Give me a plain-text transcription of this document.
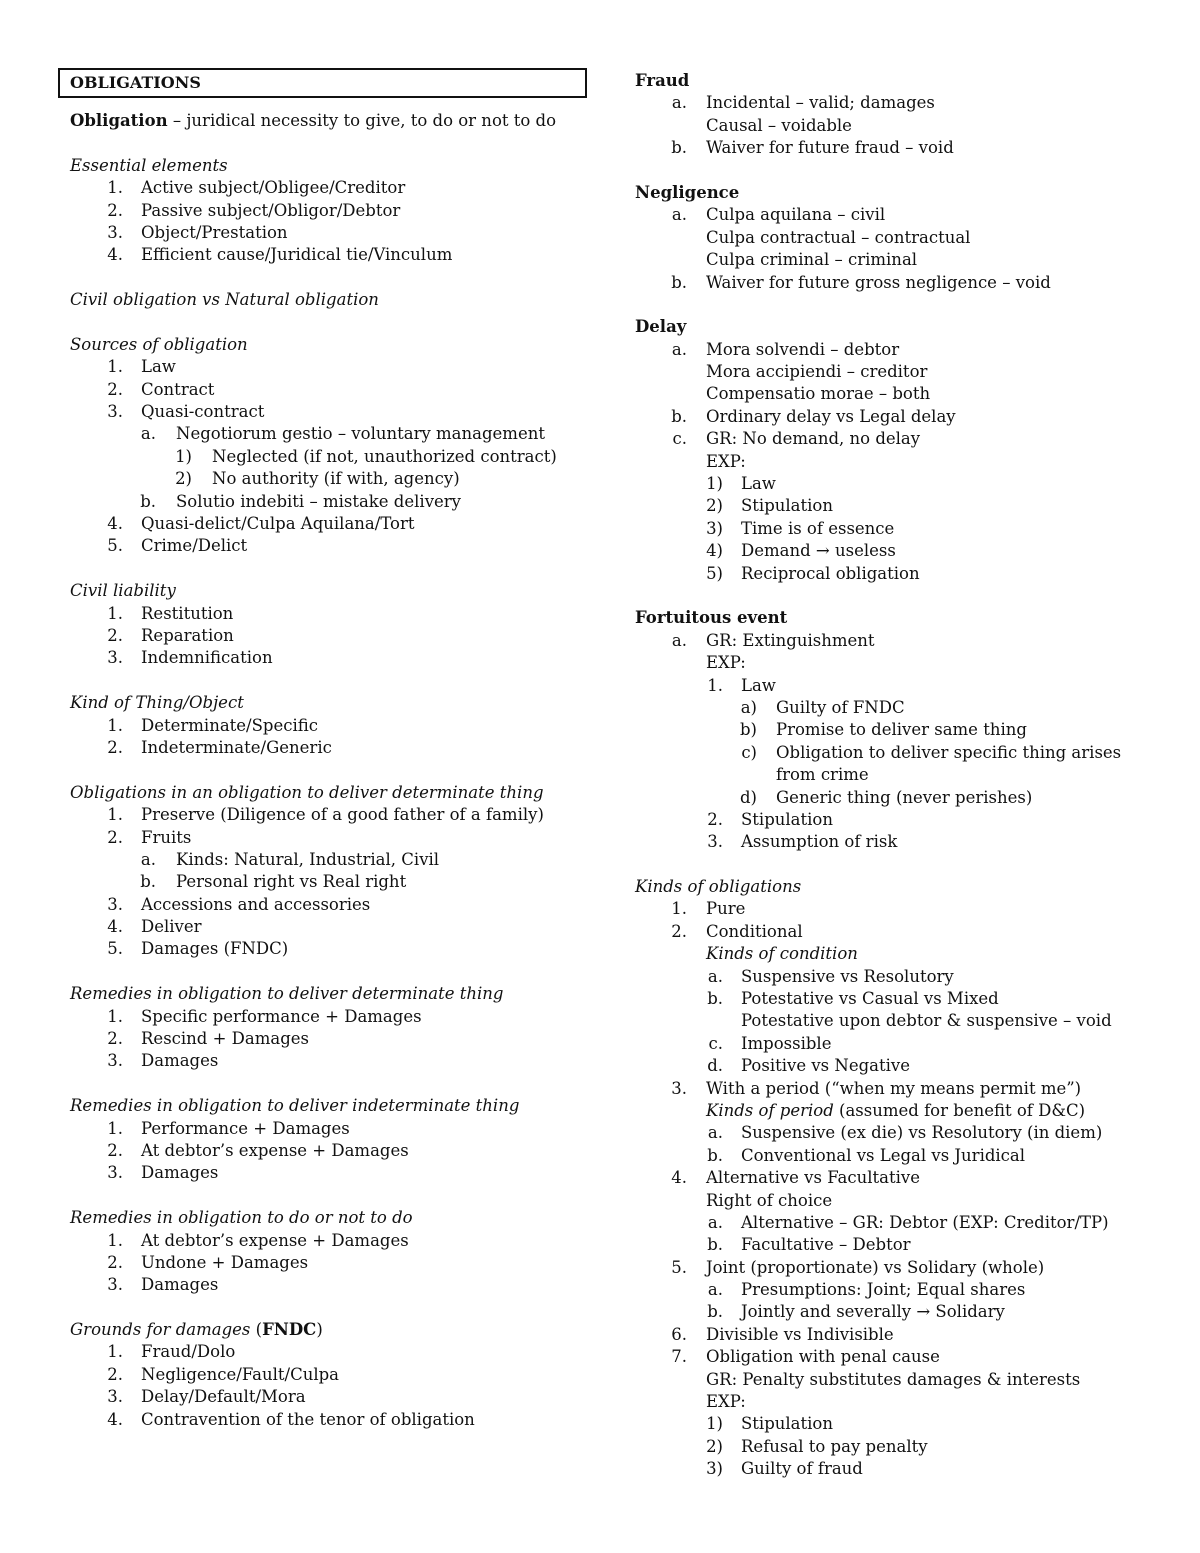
OBLIGATIONS
Obligation – juridical necessity to give, to do or not to do
Essential elements
1. Active subject/Obligee/Creditor
2. Passive subject/Obligor/Debtor
3. Object/Prestation
4. Efficient cause/Juridical tie/Vinculum
Civil obligation vs Natural obligation
Sources of obligation
1. Law
2. Contract
3. Quasi-contract
a. Negotiorum gestio – voluntary management
1) Neglected (if not, unauthorized contract)
2) No authority (if with, agency)
b. Solutio indebiti – mistake delivery
4. Quasi-delict/Culpa Aquilana/Tort
5. Crime/Delict
Civil liability
1. Restitution
2. Reparation
3. Indemnification
Kind of Thing/Object
1. Determinate/Specific
2. Indeterminate/Generic
Obligations in an obligation to deliver determinate thing
1. Preserve (Diligence of a good father of a family)
2. Fruits
a. Kinds: Natural, Industrial, Civil
b. Personal right vs Real right
3. Accessions and accessories
4. Deliver
5. Damages (FNDC)
Remedies in obligation to deliver determinate thing
1. Specific performance + Damages
2. Rescind + Damages
3. Damages
Remedies in obligation to deliver indeterminate thing
1. Performance + Damages
2. At debtor’s expense + Damages
3. Damages
Remedies in obligation to do or not to do
1. At debtor’s expense + Damages
2. Undone + Damages
3. Damages
Grounds for damages (FNDC)
1. Fraud/Dolo
2. Negligence/Fault/Culpa
3. Delay/Default/Mora
4. Contravention of the tenor of obligation
Fraud
a. Incidental – valid; damages
Causal – voidable
b. Waiver for future fraud – void
Negligence
a. Culpa aquilana – civil
Culpa contractual – contractual
Culpa criminal – criminal
b. Waiver for future gross negligence – void
Delay
a. Mora solvendi – debtor
Mora accipiendi – creditor
Compensatio morae – both
b. Ordinary delay vs Legal delay
c. GR: No demand, no delay
EXP:
1) Law
2) Stipulation
3) Time is of essence
4) Demand → useless
5) Reciprocal obligation
Fortuitous event
a. GR: Extinguishment
EXP:
1. Law
a) Guilty of FNDC
b) Promise to deliver same thing
c) Obligation to deliver specific thing arises
from crime
d) Generic thing (never perishes)
2. Stipulation
3. Assumption of risk
Kinds of obligations
1. Pure
2. Conditional
Kinds of condition
a. Suspensive vs Resolutory
b. Potestative vs Casual vs Mixed
Potestative upon debtor & suspensive – void
c. Impossible
d. Positive vs Negative
3. With a period (“when my means permit me”)
Kinds of period (assumed for benefit of D&C)
a. Suspensive (ex die) vs Resolutory (in diem)
b. Conventional vs Legal vs Juridical
4. Alternative vs Facultative
Right of choice
a. Alternative – GR: Debtor (EXP: Creditor/TP)
b. Facultative – Debtor
5. Joint (proportionate) vs Solidary (whole)
a. Presumptions: Joint; Equal shares
b. Jointly and severally → Solidary
6. Divisible vs Indivisible
7. Obligation with penal cause
GR: Penalty substitutes damages & interests
EXP:
1) Stipulation
2) Refusal to pay penalty
3) Guilty of fraud
